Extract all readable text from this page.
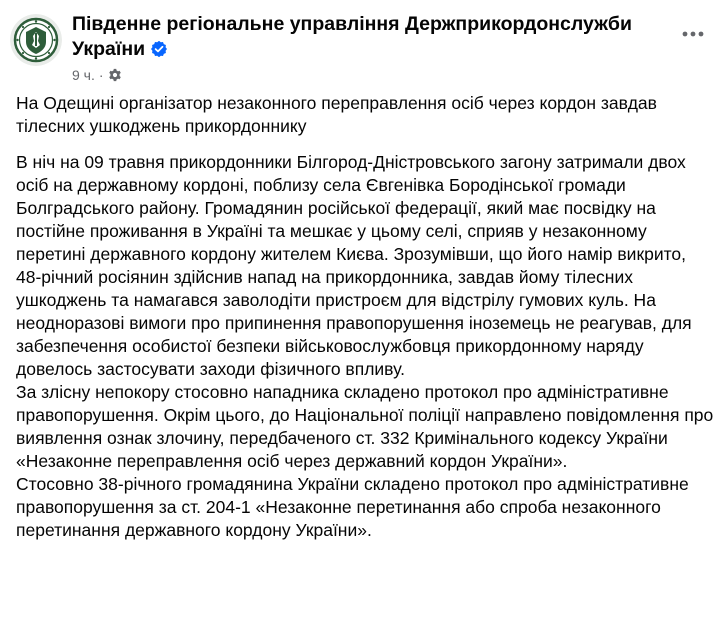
Південне регіональне управління Держприкордонслужби України
9 ч. ·

На Одещині організатор незаконного переправлення осіб через кордон завдав тілесних ушкоджень прикордоннику

В ніч на 09 травня прикордонники Білгород-Дністровського загону затримали двох осіб на державному кордоні, поблизу села Євгенівка Бородінської громади Болградського району. Громадянин російської федерації, який має посвідку на постійне проживання в Україні та мешкає у цьому селі, сприяв у незаконному перетині державного кордону жителем Києва. Зрозумівши, що його намір викрито, 48-річний росіянин здійснив напад на прикордонника, завдав йому тілесних ушкоджень та намагався заволодіти пристроєм для відстрілу гумових куль. На неодноразові вимоги про припинення правопорушення іноземець не реагував, для забезпечення особистої безпеки військовослужбовця прикордонному наряду довелось застосувати заходи фізичного впливу.

За злісну непокору стосовно нападника складено протокол про адміністративне правопорушення. Окрім цього, до Національної поліції направлено повідомлення про виявлення ознак злочину, передбаченого ст. 332 Кримінального кодексу України «Незаконне переправлення осіб через державний кордон України».

Стосовно 38-річного громадянина України складено протокол про адміністративне правопорушення за ст. 204-1 «Незаконне перетинання або спроба незаконного перетинання державного кордону України».
